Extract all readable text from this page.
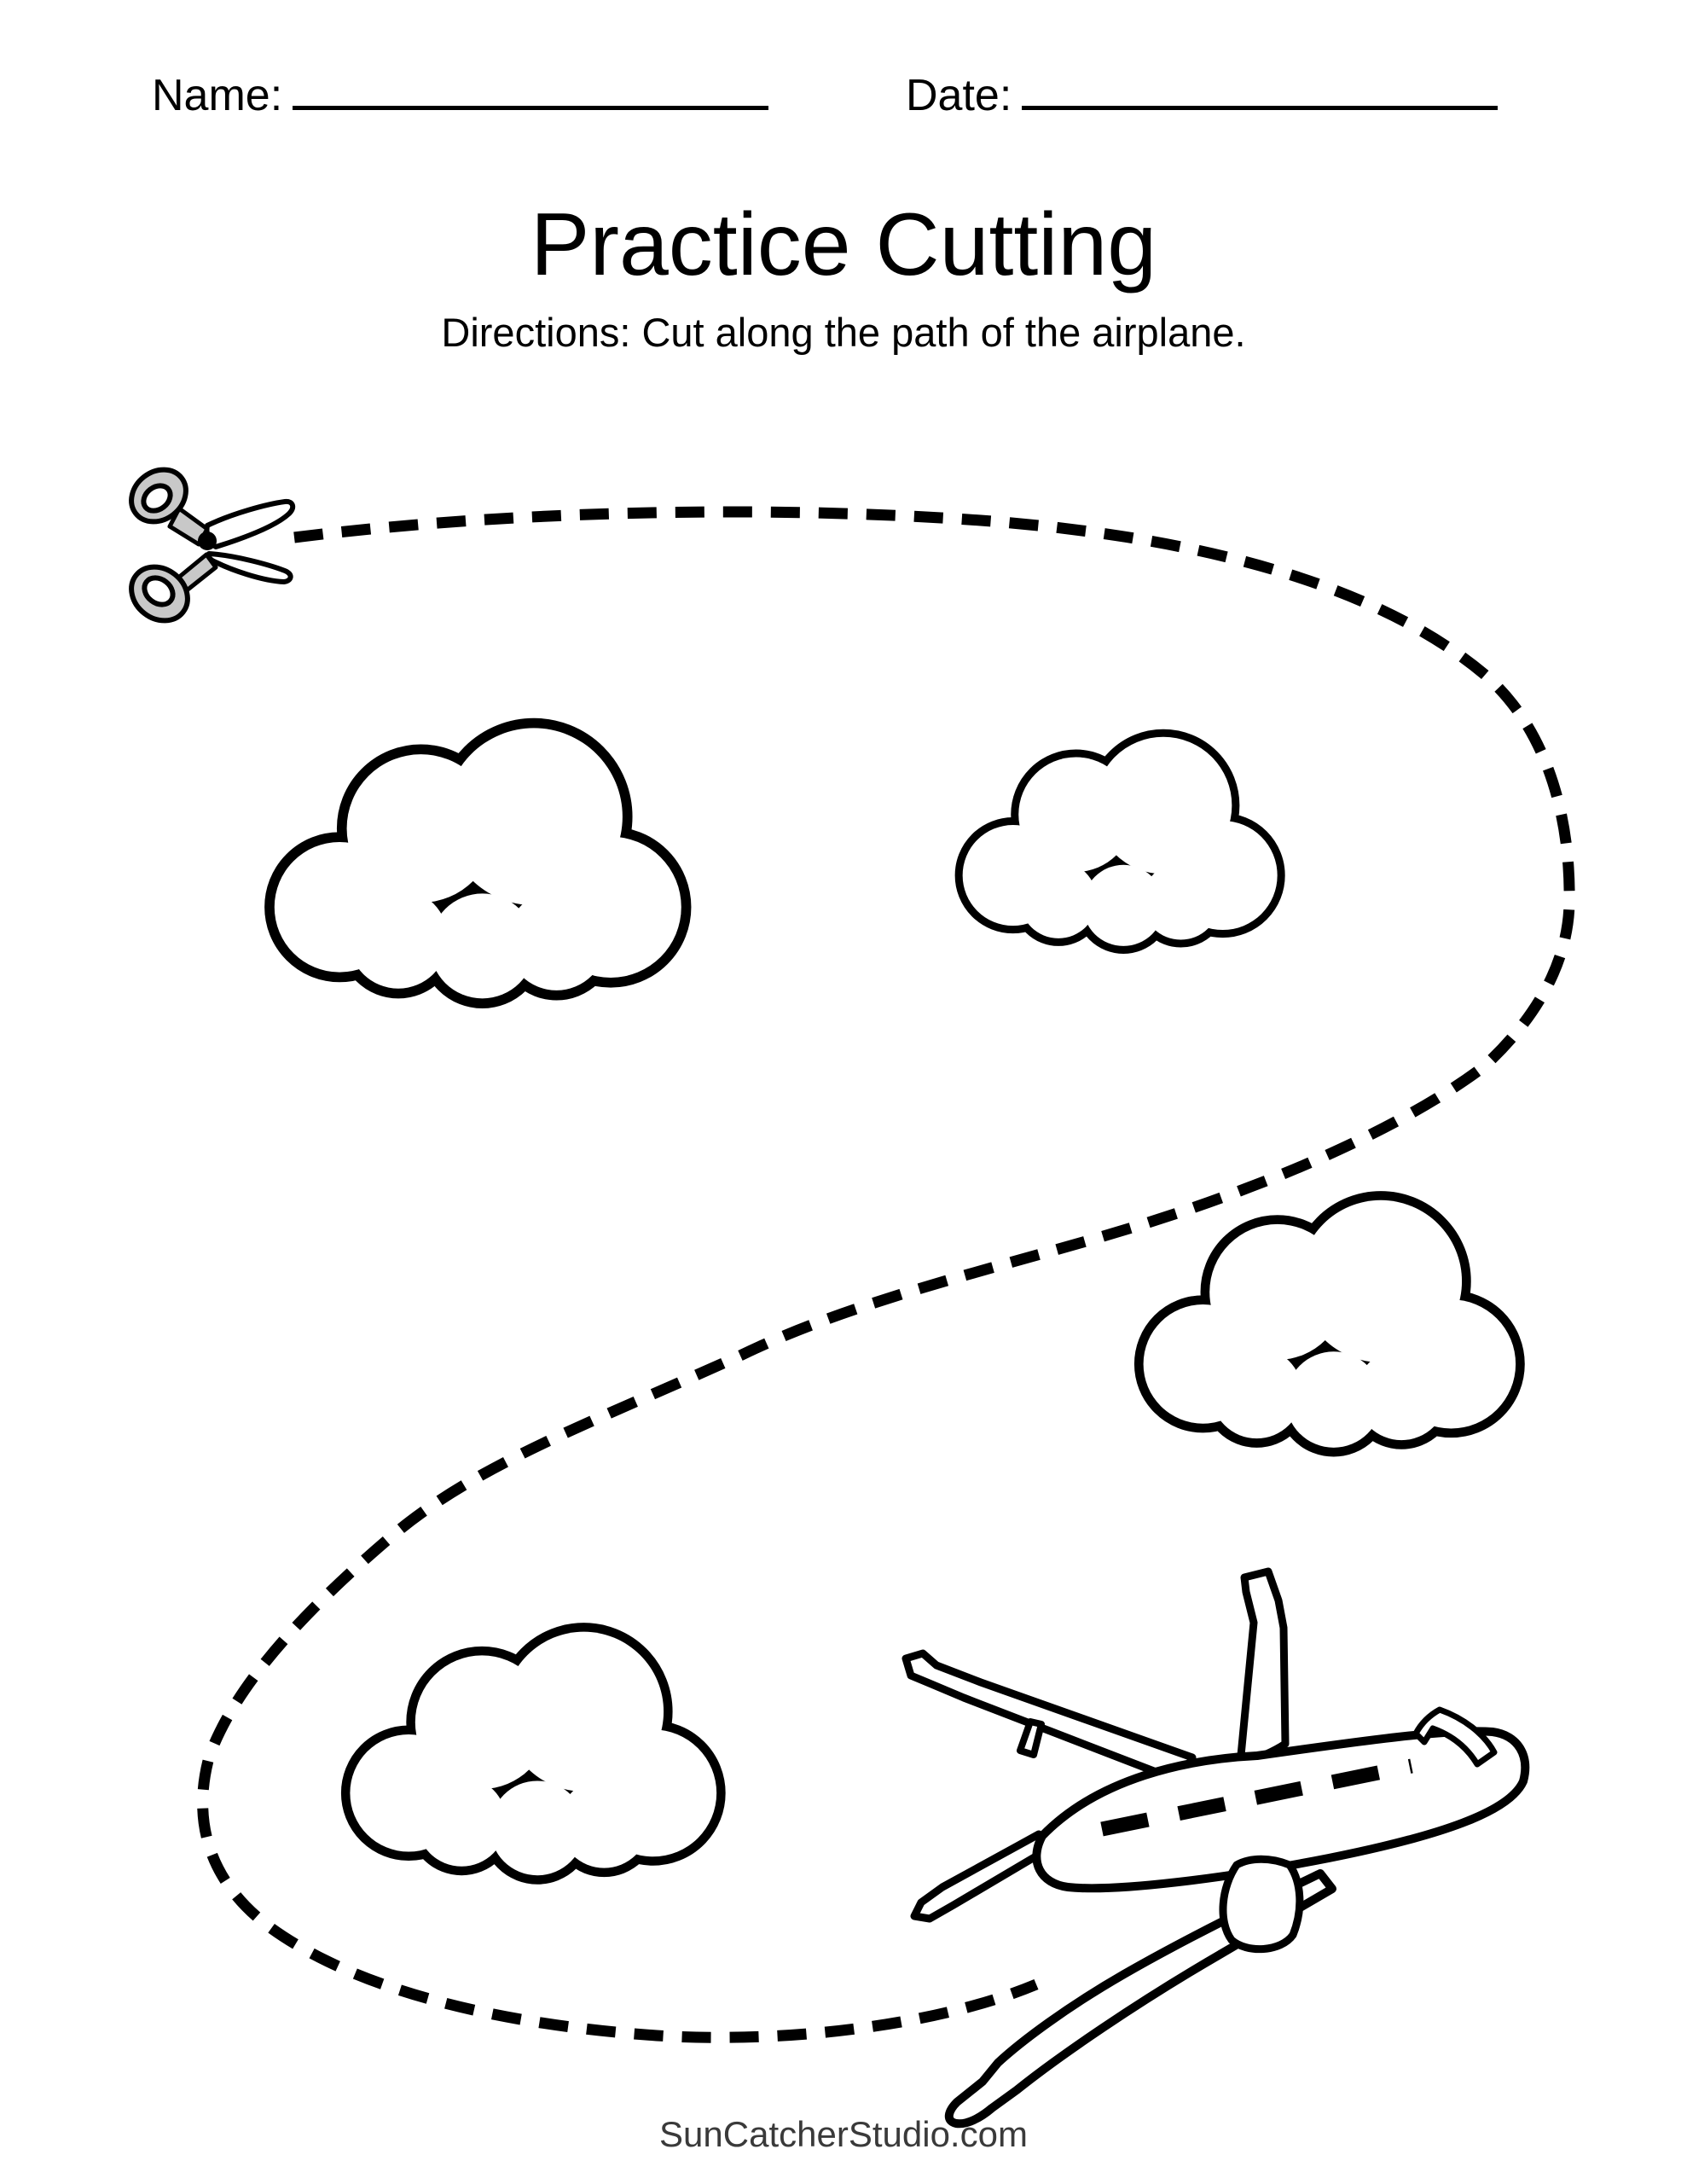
Name:	Date:
Practice Cutting
Directions: Cut along the path of the airplane.
SunCatcherStudio.com
